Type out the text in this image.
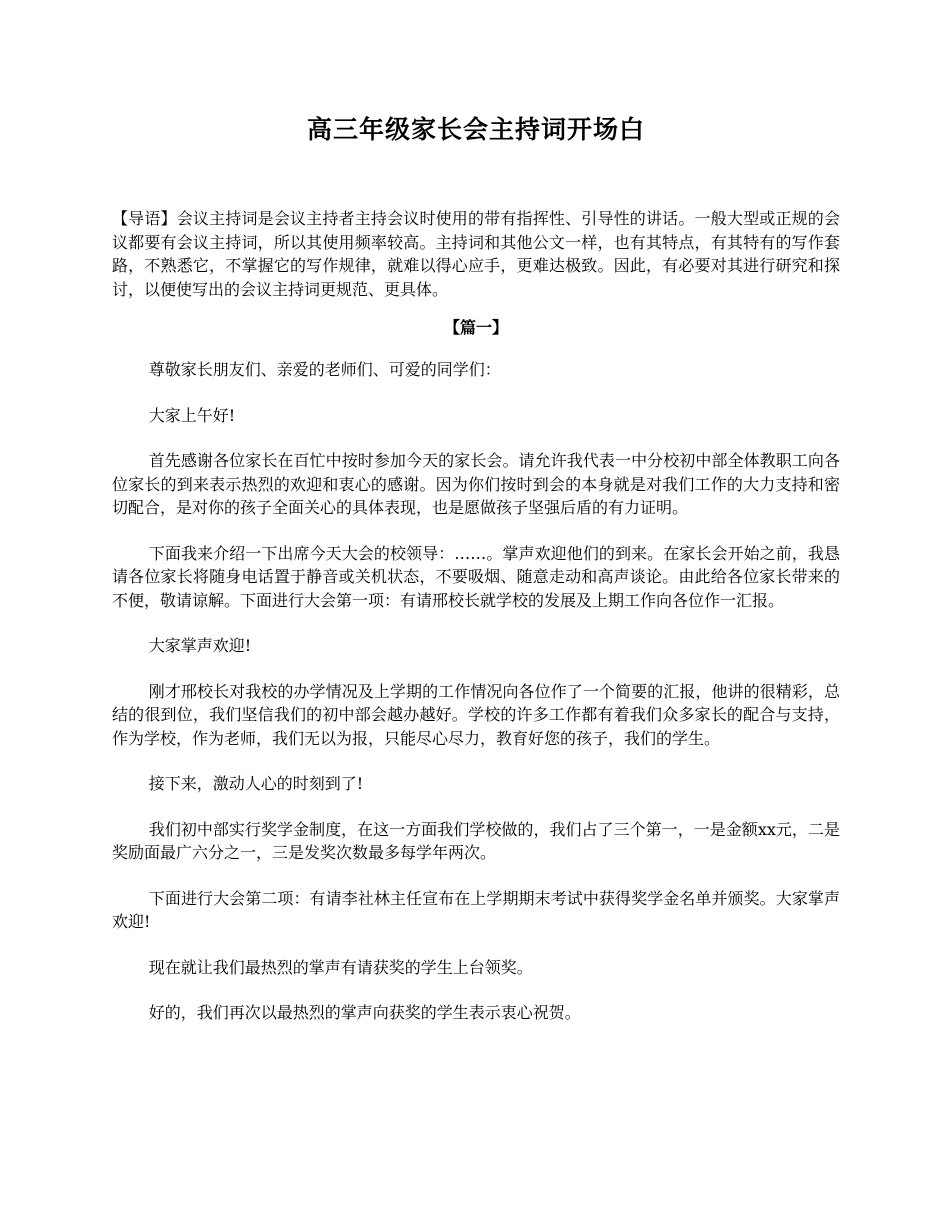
高三年级家长会主持词开场白

【导语】会议主持词是会议主持者主持会议时使用的带有指挥性、引导性的讲话。一般大型或正规的会议都要有会议主持词，所以其使用频率较高。主持词和其他公文一样，也有其特点，有其特有的写作套路，不熟悉它，不掌握它的写作规律，就难以得心应手，更难达极致。因此，有必要对其进行研究和探讨，以便使写出的会议主持词更规范、更具体。

【篇一】

尊敬家长朋友们、亲爱的老师们、可爱的同学们：

大家上午好!

首先感谢各位家长在百忙中按时参加今天的家长会。请允许我代表一中分校初中部全体教职工向各位家长的到来表示热烈的欢迎和衷心的感谢。因为你们按时到会的本身就是对我们工作的大力支持和密切配合，是对你的孩子全面关心的具体表现，也是愿做孩子坚强后盾的有力证明。

下面我来介绍一下出席今天大会的校领导：……。掌声欢迎他们的到来。在家长会开始之前，我恳请各位家长将随身电话置于静音或关机状态，不要吸烟、随意走动和高声谈论。由此给各位家长带来的不便，敬请谅解。下面进行大会第一项：有请邢校长就学校的发展及上期工作向各位作一汇报。

大家掌声欢迎!

刚才邢校长对我校的办学情况及上学期的工作情况向各位作了一个简要的汇报，他讲的很精彩，总结的很到位，我们坚信我们的初中部会越办越好。学校的许多工作都有着我们众多家长的配合与支持，作为学校，作为老师，我们无以为报，只能尽心尽力，教育好您的孩子，我们的学生。

接下来，激动人心的时刻到了!

我们初中部实行奖学金制度，在这一方面我们学校做的，我们占了三个第一，一是金额xx元，二是奖励面最广六分之一，三是发奖次数最多每学年两次。

下面进行大会第二项：有请李社林主任宣布在上学期期末考试中获得奖学金名单并颁奖。大家掌声欢迎!

现在就让我们最热烈的掌声有请获奖的学生上台领奖。

好的，我们再次以最热烈的掌声向获奖的学生表示衷心祝贺。
